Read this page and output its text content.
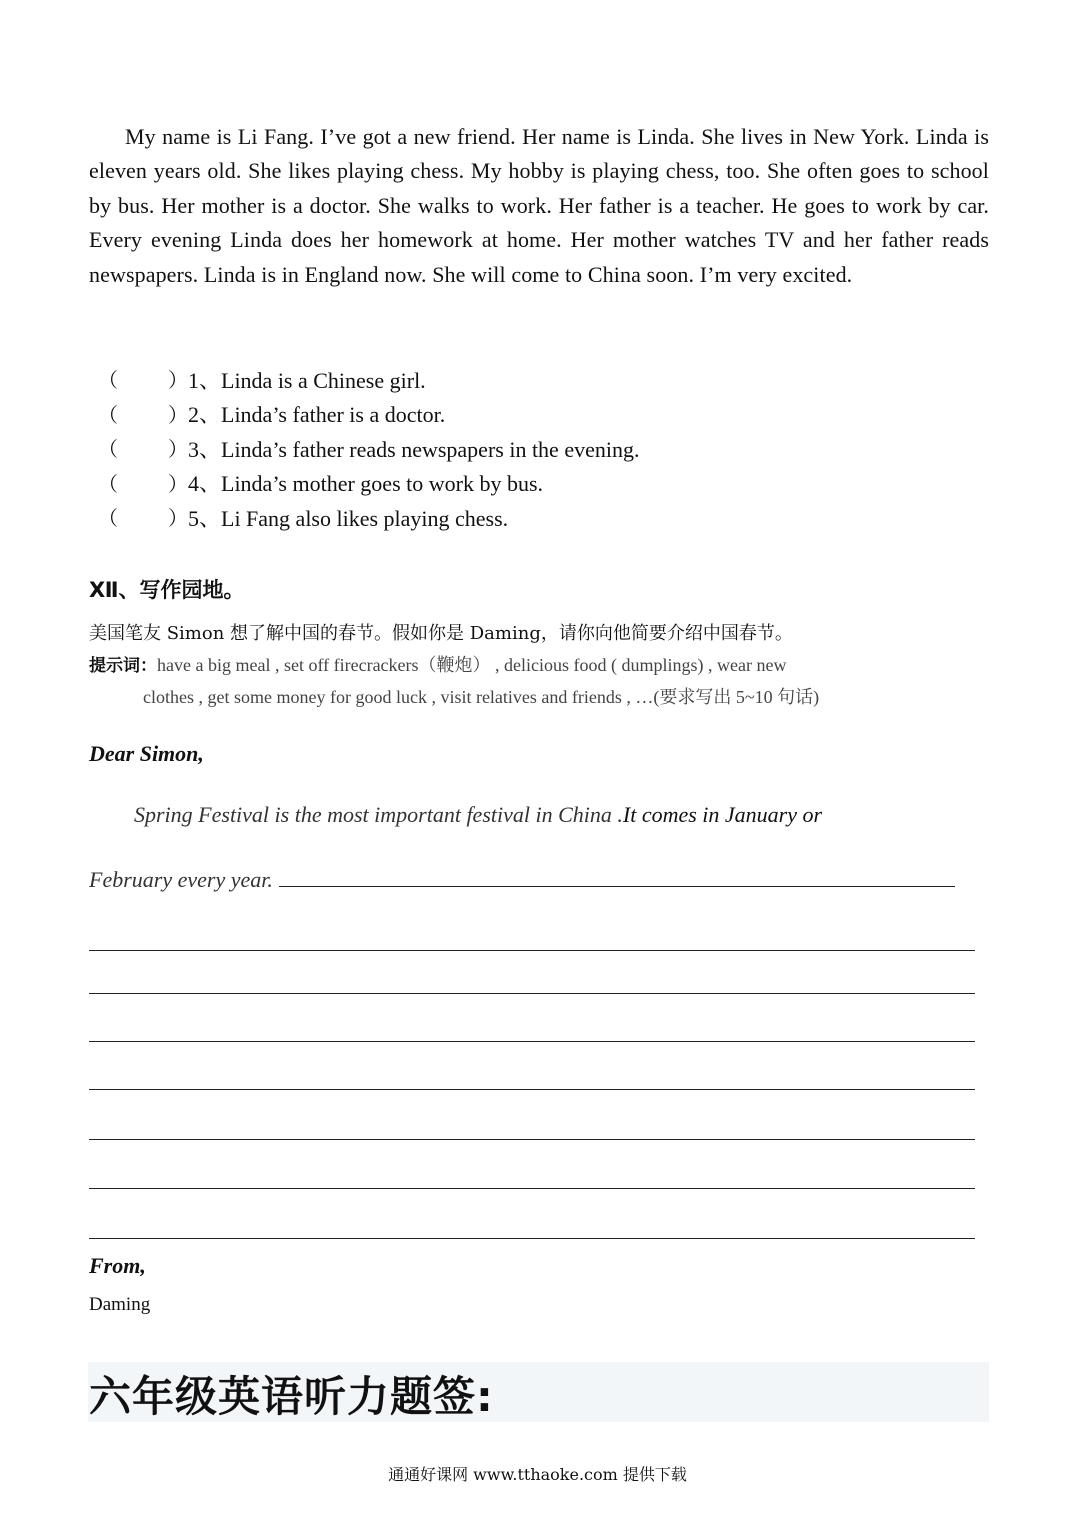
My name is Li Fang. I’ve got a new friend. Her name is Linda. She lives in New York. Linda is eleven years old. She likes playing chess. My hobby is playing chess, too. She often goes to school by bus. Her mother is a doctor. She walks to work. Her father is a teacher. He goes to work by car. Every evening Linda does her homework at home. Her mother watches TV and her father reads newspapers. Linda is in England now. She will come to China soon. I’m very excited.

（	） 1、Linda is a Chinese girl.
（	） 2、Linda’s father is a doctor.
（	） 3、Linda’s father reads newspapers in the evening.
（	） 4、Linda’s mother goes to work by bus.
（	） 5、Li Fang also likes playing chess.
Ⅻ、写作园地。

美国笔友 Simon 想了解中国的春节。假如你是 Daming，请你向他简要介绍中国春节。

提示词：have a big meal , set off firecrackers（鞭炮） , delicious food ( dumplings) , wear new
clothes , get some money for good luck , visit relatives and friends , …(要求写出 5~10 句话)

Dear Simon,

Spring Festival is the most important festival in China .It comes in January or

February every year.

From,

Daming

六年级英语听力题签:

通通好课网 www.tthaoke.com 提供下载
